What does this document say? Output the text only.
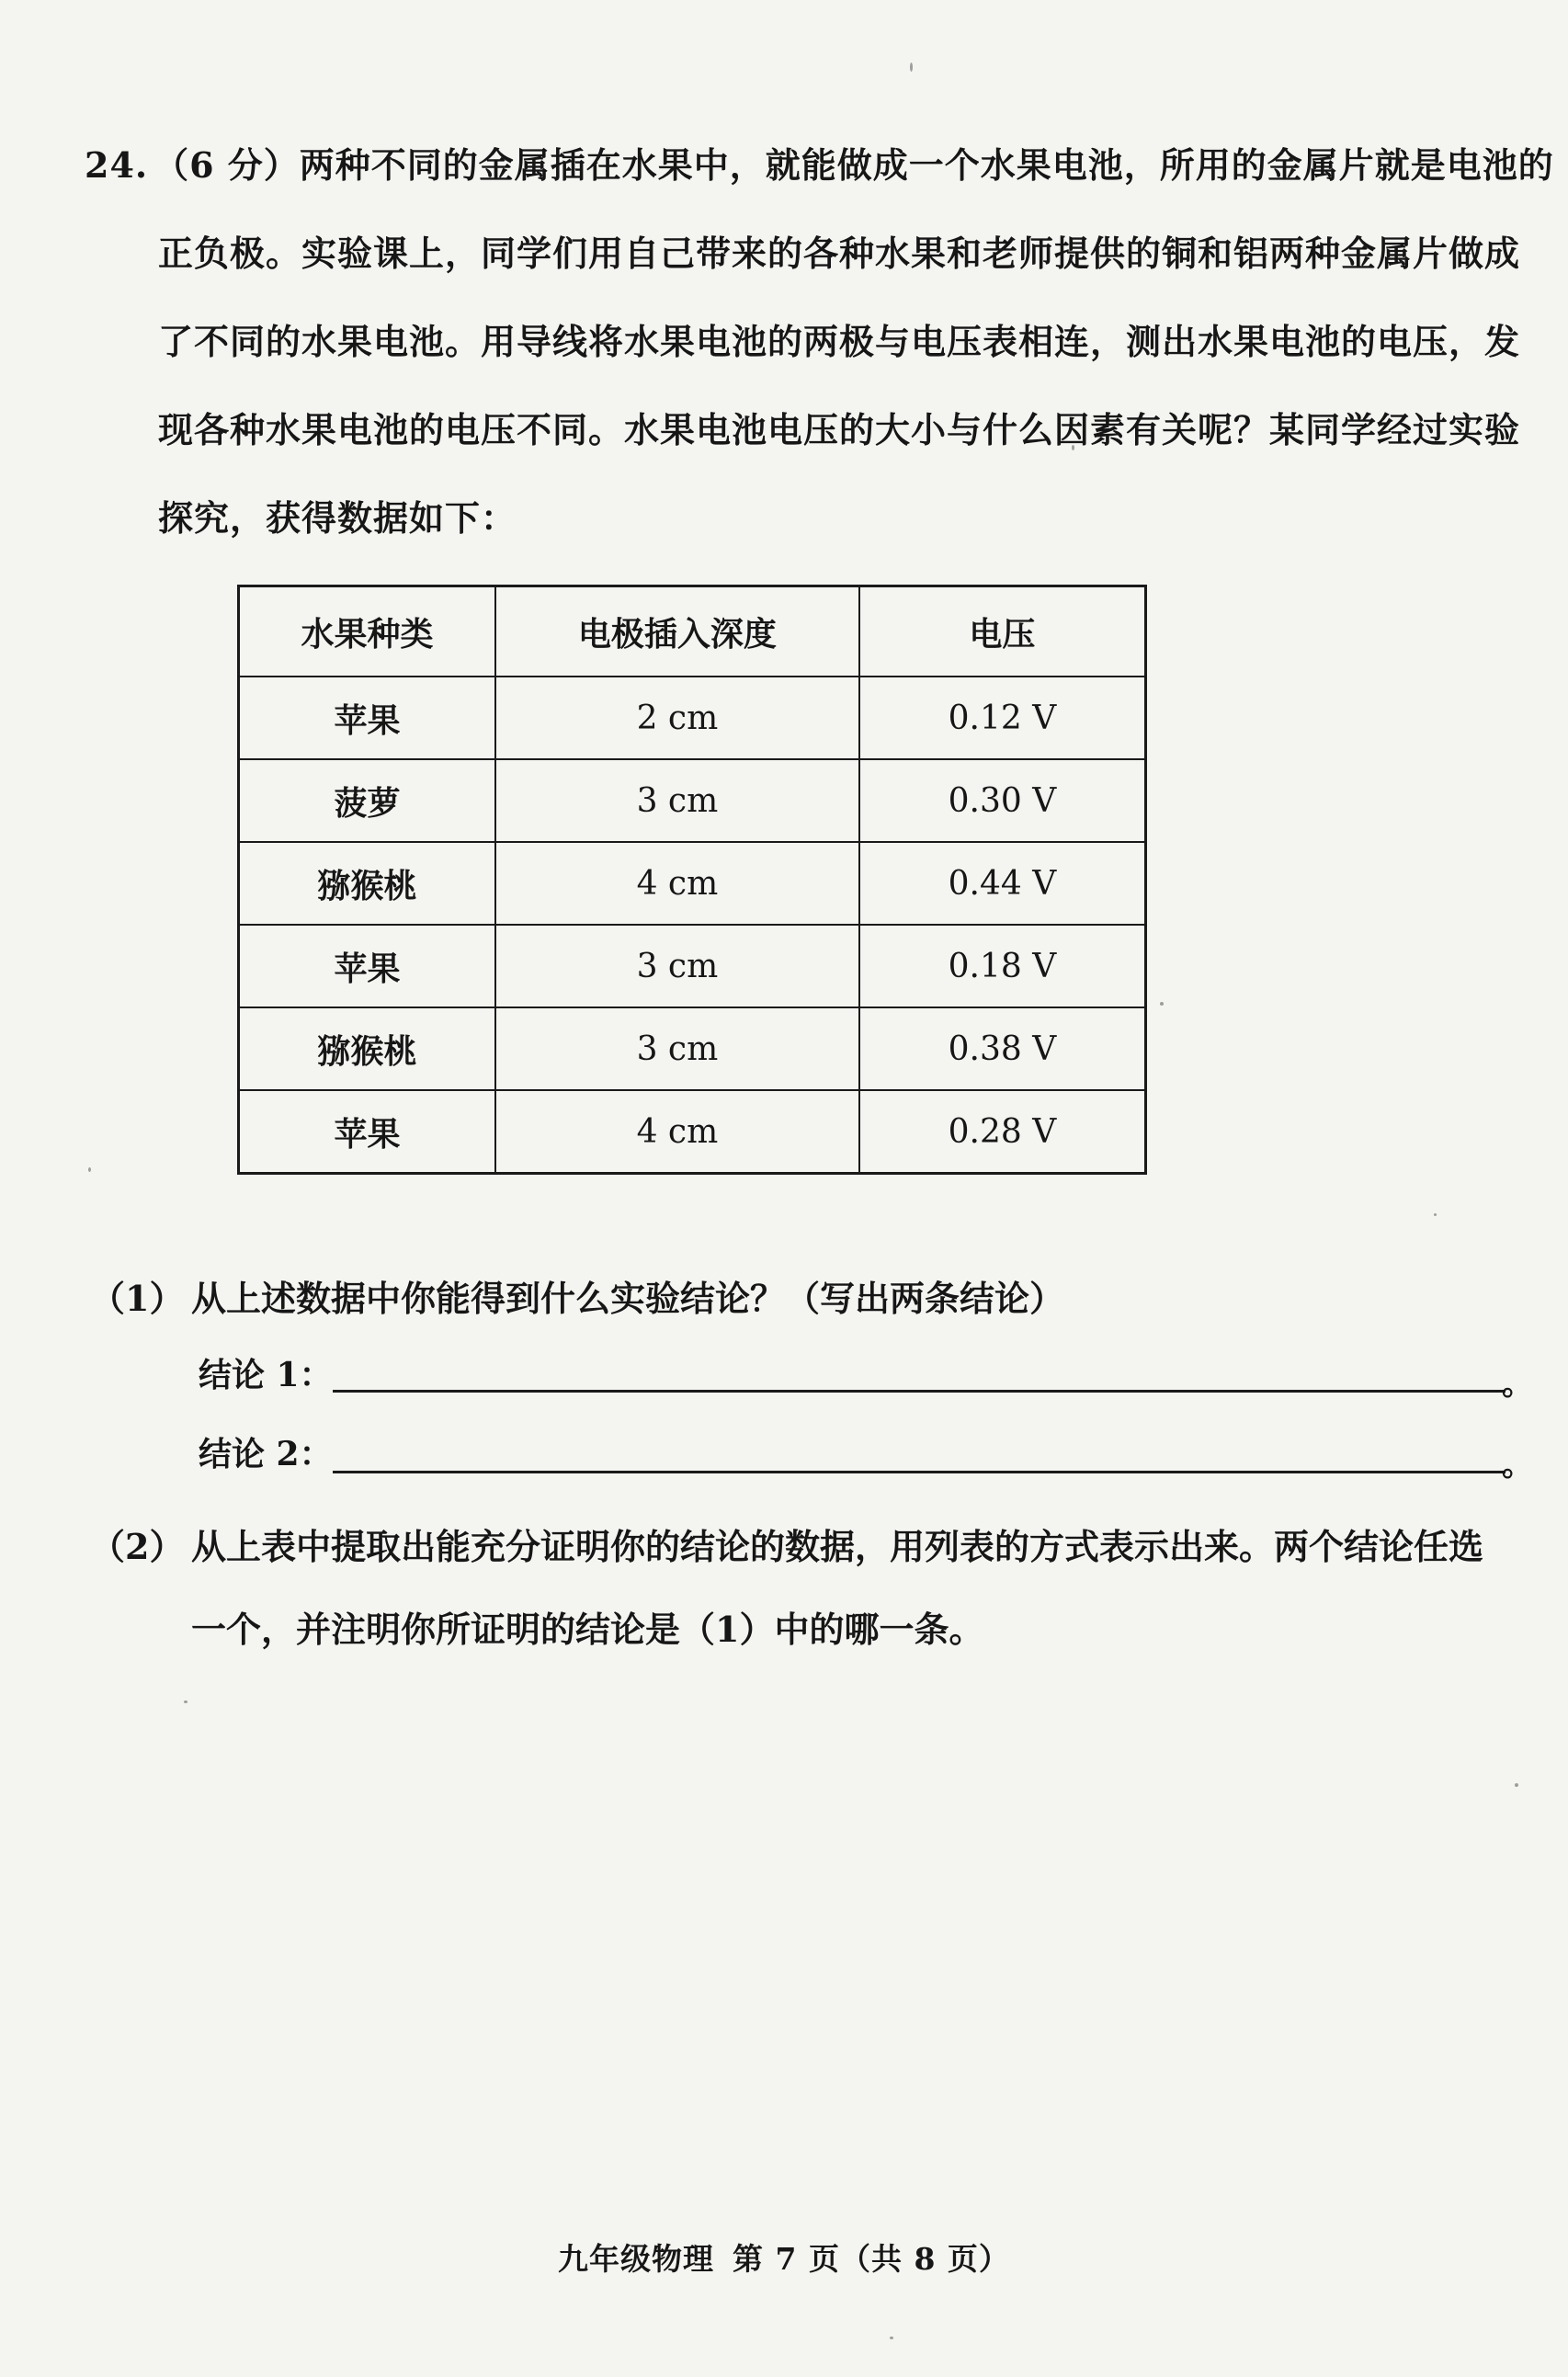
24. （6 分）两种不同的金属插在水果中，就能做成一个水果电池，所用的金属片就是电池的
正负极。实验课上，同学们用自己带来的各种水果和老师提供的铜和铝两种金属片做成
了不同的水果电池。用导线将水果电池的两极与电压表相连，测出水果电池的电压，发
现各种水果电池的电压不同。水果电池电压的大小与什么因素有关呢？某同学经过实验
探究，获得数据如下：
水果种类	电极插入深度	电压
苹果	2 cm	0.12 V
菠萝	3 cm	0.30 V
猕猴桃	4 cm	0.44 V
苹果	3 cm	0.18 V
猕猴桃	3 cm	0.38 V
苹果	4 cm	0.28 V
（1） 从上述数据中你能得到什么实验结论？（写出两条结论）
结论 1：	。
结论 2：	。
（2） 从上表中提取出能充分证明你的结论的数据，用列表的方式表示出来。两个结论任选
一个，并注明你所证明的结论是（1）中的哪一条。
九年级物理 第 7 页（共 8 页）
